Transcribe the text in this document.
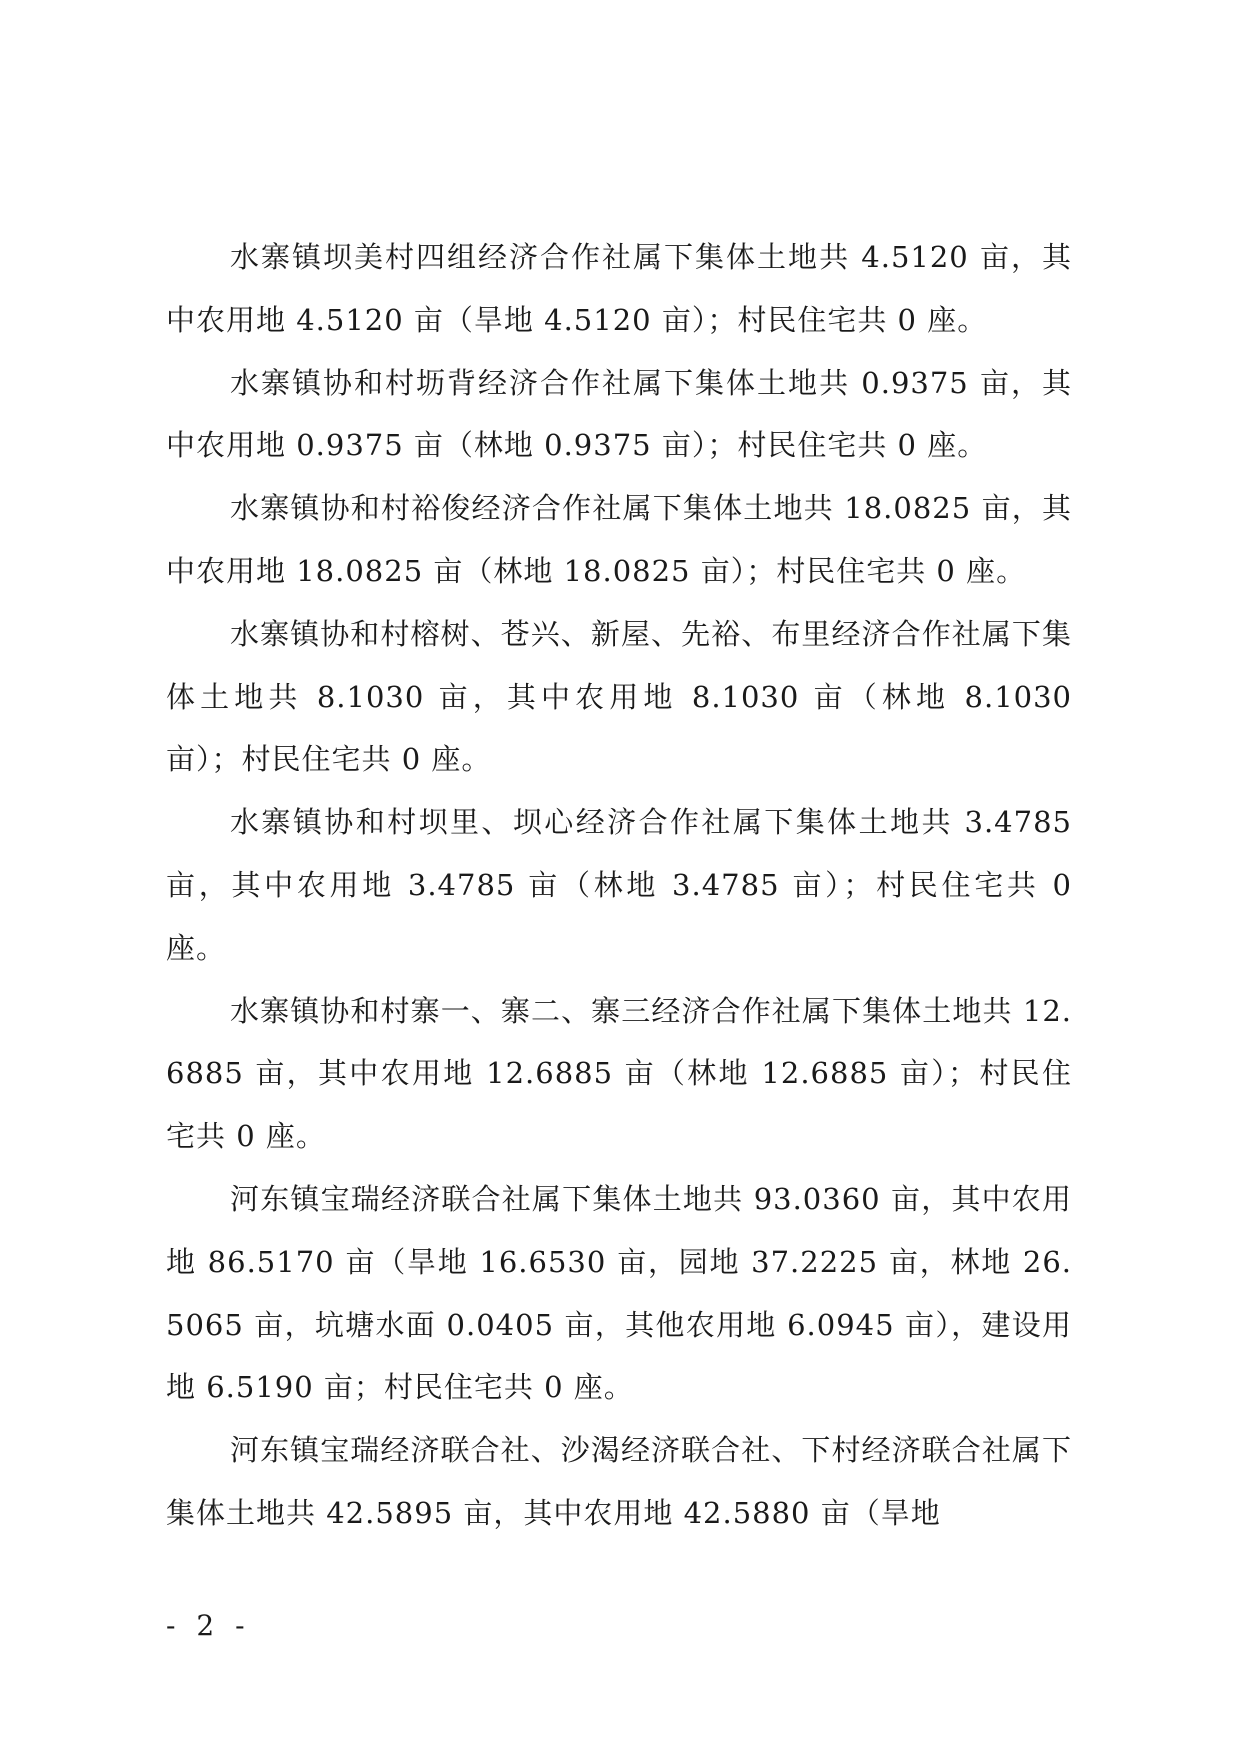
水寨镇坝美村四组经济合作社属下集体土地共 4.5120 亩，其中农用地 4.5120 亩（旱地 4.5120 亩）；村民住宅共 0 座。

水寨镇协和村坜背经济合作社属下集体土地共 0.9375 亩，其中农用地 0.9375 亩（林地 0.9375 亩）；村民住宅共 0 座。

水寨镇协和村裕俊经济合作社属下集体土地共 18.0825 亩，其中农用地 18.0825 亩（林地 18.0825 亩）；村民住宅共 0 座。

水寨镇协和村榕树、苍兴、新屋、先裕、布里经济合作社属下集体土地共 8.1030 亩，其中农用地 8.1030 亩（林地 8.1030 亩）；村民住宅共 0 座。

水寨镇协和村坝里、坝心经济合作社属下集体土地共 3.4785 亩，其中农用地 3.4785 亩（林地 3.4785 亩）；村民住宅共 0 座。

水寨镇协和村寨一、寨二、寨三经济合作社属下集体土地共 12.6885 亩，其中农用地 12.6885 亩（林地 12.6885 亩）；村民住宅共 0 座。

河东镇宝瑞经济联合社属下集体土地共 93.0360 亩，其中农用地 86.5170 亩（旱地 16.6530 亩，园地 37.2225 亩，林地 26.5065 亩，坑塘水面 0.0405 亩，其他农用地 6.0945 亩），建设用地 6.5190 亩；村民住宅共 0 座。

河东镇宝瑞经济联合社、沙渴经济联合社、下村经济联合社属下集体土地共 42.5895 亩，其中农用地 42.5880 亩（旱地

- 2 -
